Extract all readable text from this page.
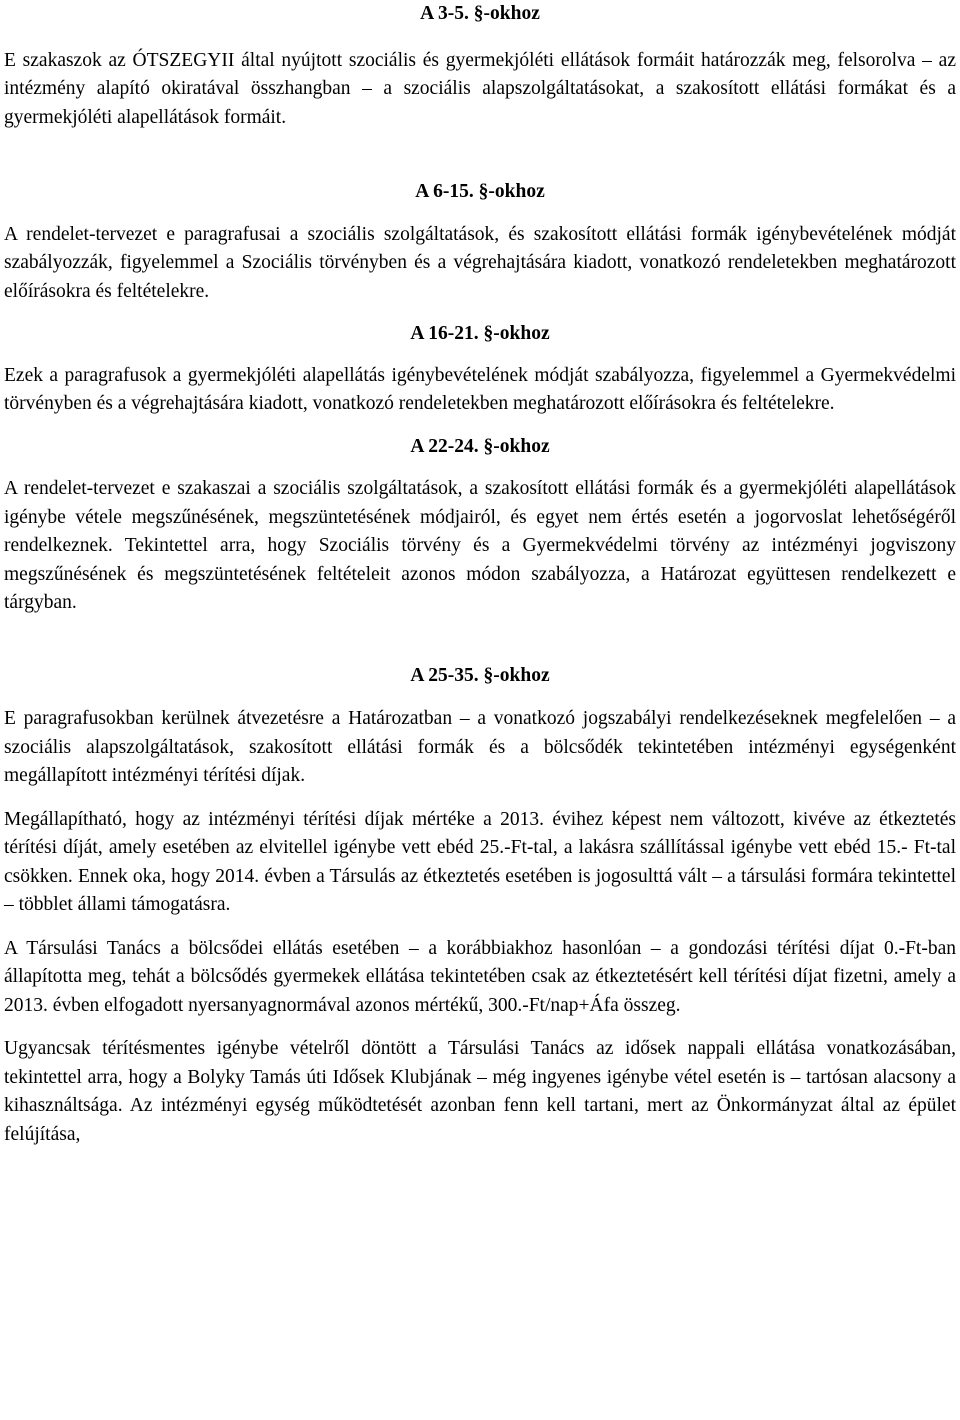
A 3-5. §-okhoz

E szakaszok az ÓTSZEGYII által nyújtott szociális és gyermekjóléti ellátások formáit határozzák meg, felsorolva – az intézmény alapító okiratával összhangban – a szociális alapszolgáltatásokat, a szakosított ellátási formákat és a gyermekjóléti alapellátások formáit.

A 6-15. §-okhoz

A rendelet-tervezet e paragrafusai a szociális szolgáltatások, és szakosított ellátási formák igénybevételének módját szabályozzák, figyelemmel a Szociális törvényben és a végrehajtására kiadott, vonatkozó rendeletekben meghatározott előírásokra és feltételekre.

A 16-21. §-okhoz

Ezek a paragrafusok a gyermekjóléti alapellátás igénybevételének módját szabályozza, figyelemmel a Gyermekvédelmi törvényben és a végrehajtására kiadott, vonatkozó rendeletekben meghatározott előírásokra és feltételekre.

A 22-24. §-okhoz

A rendelet-tervezet e szakaszai a szociális szolgáltatások, a szakosított ellátási formák és a gyermekjóléti alapellátások igénybe vétele megszűnésének, megszüntetésének módjairól, és egyet nem értés esetén a jogorvoslat lehetőségéről rendelkeznek. Tekintettel arra, hogy Szociális törvény és a Gyermekvédelmi törvény az intézményi jogviszony megszűnésének és megszüntetésének feltételeit azonos módon szabályozza, a Határozat együttesen rendelkezett e tárgyban.

A 25-35. §-okhoz

E paragrafusokban kerülnek átvezetésre a Határozatban – a vonatkozó jogszabályi rendelkezéseknek megfelelően – a szociális alapszolgáltatások, szakosított ellátási formák és a bölcsődék tekintetében intézményi egységenként megállapított intézményi térítési díjak.

Megállapítható, hogy az intézményi térítési díjak mértéke a 2013. évihez képest nem változott, kivéve az étkeztetés térítési díját, amely esetében az elvitellel igénybe vett ebéd 25.-Ft-tal, a lakásra szállítással igénybe vett ebéd 15.- Ft-tal csökken. Ennek oka, hogy 2014. évben a Társulás az étkeztetés esetében is jogosulttá vált – a társulási formára tekintettel – többlet állami támogatásra.

A Társulási Tanács a bölcsődei ellátás esetében – a korábbiakhoz hasonlóan – a gondozási térítési díjat 0.-Ft-ban állapította meg, tehát a bölcsődés gyermekek ellátása tekintetében csak az étkeztetésért kell térítési díjat fizetni, amely a 2013. évben elfogadott nyersanyagnormával azonos mértékű, 300.-Ft/nap+Áfa összeg.

Ugyancsak térítésmentes igénybe vételről döntött a Társulási Tanács az idősek nappali ellátása vonatkozásában, tekintettel arra, hogy a Bolyky Tamás úti Idősek Klubjának – még ingyenes igénybe vétel esetén is – tartósan alacsony a kihasználtsága. Az intézményi egység működtetését azonban fenn kell tartani, mert az Önkormányzat által az épület felújítása,
